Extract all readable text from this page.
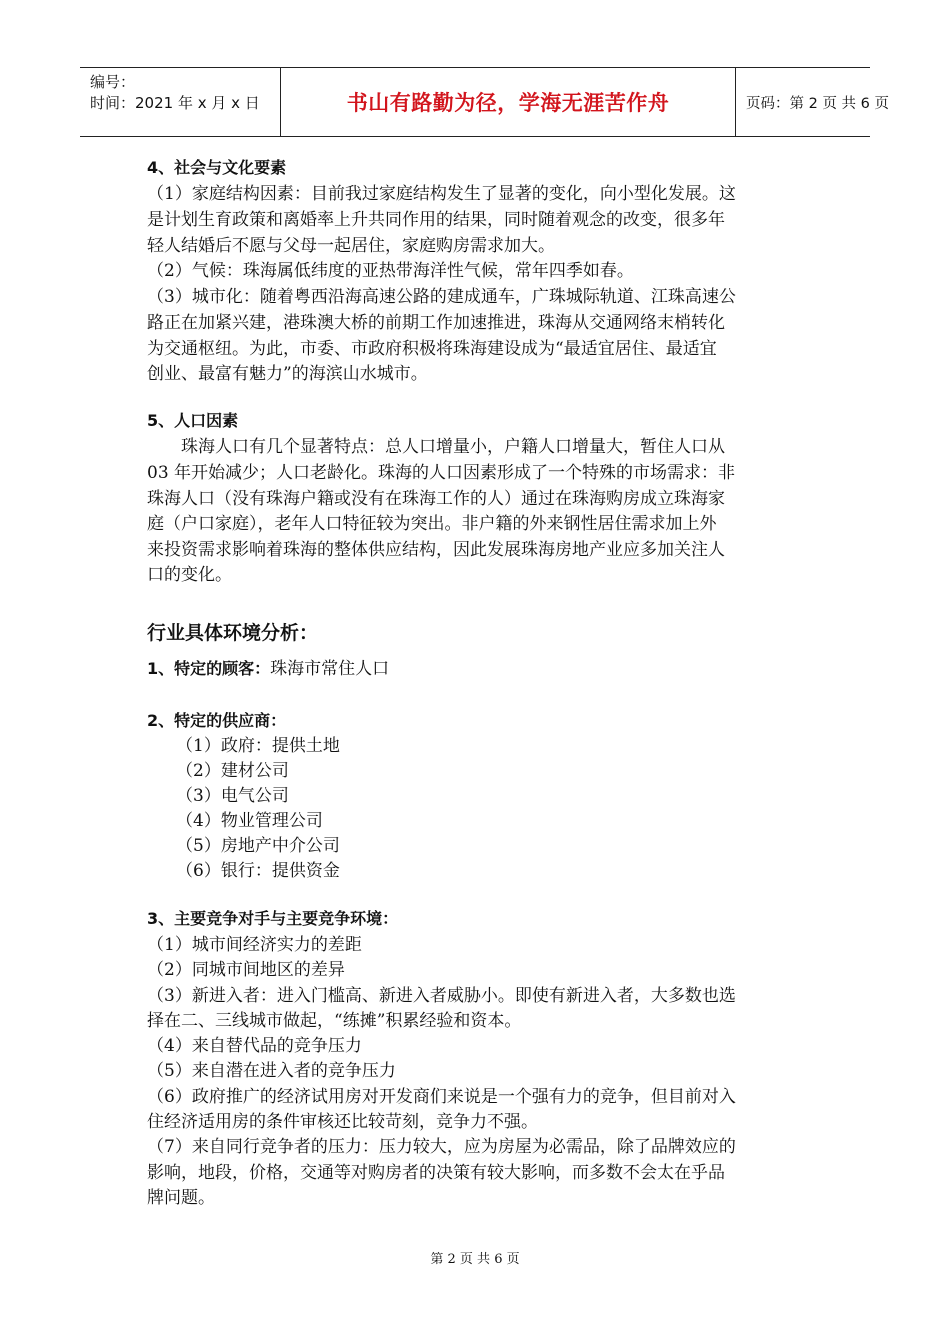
编号：
时间：2021 年 x 月 x 日	书山有路勤为径，学海无涯苦作舟	页码：第 2 页 共 6 页
4、社会与文化要素
（1）家庭结构因素：目前我过家庭结构发生了显著的变化，向小型化发展。这
是计划生育政策和离婚率上升共同作用的结果，同时随着观念的改变，很多年
轻人结婚后不愿与父母一起居住，家庭购房需求加大。
（2）气候：珠海属低纬度的亚热带海洋性气候，常年四季如春。
（3）城市化：随着粤西沿海高速公路的建成通车，广珠城际轨道、江珠高速公
路正在加紧兴建，港珠澳大桥的前期工作加速推进，珠海从交通网络末梢转化
为交通枢纽。为此，市委、市政府积极将珠海建设成为“最适宜居住、最适宜
创业、最富有魅力”的海滨山水城市。
5、人口因素
珠海人口有几个显著特点：总人口增量小，户籍人口增量大，暂住人口从
03 年开始减少；人口老龄化。珠海的人口因素形成了一个特殊的市场需求：非
珠海人口（没有珠海户籍或没有在珠海工作的人）通过在珠海购房成立珠海家
庭（户口家庭），老年人口特征较为突出。非户籍的外来钢性居住需求加上外
来投资需求影响着珠海的整体供应结构，因此发展珠海房地产业应多加关注人
口的变化。
行业具体环境分析：
1、特定的顾客：珠海市常住人口
2、特定的供应商：
（1）政府：提供土地
（2）建材公司
（3）电气公司
（4）物业管理公司
（5）房地产中介公司
（6）银行：提供资金
3、主要竞争对手与主要竞争环境：
（1）城市间经济实力的差距
（2）同城市间地区的差异
（3）新进入者：进入门槛高、新进入者威胁小。即使有新进入者，大多数也选
择在二、三线城市做起，“练摊”积累经验和资本。
（4）来自替代品的竞争压力
（5）来自潜在进入者的竞争压力
（6）政府推广的经济试用房对开发商们来说是一个强有力的竞争，但目前对入
住经济适用房的条件审核还比较苛刻，竞争力不强。
（7）来自同行竞争者的压力：压力较大，应为房屋为必需品，除了品牌效应的
影响，地段，价格，交通等对购房者的决策有较大影响，而多数不会太在乎品
牌问题。
第 2 页 共 6 页
